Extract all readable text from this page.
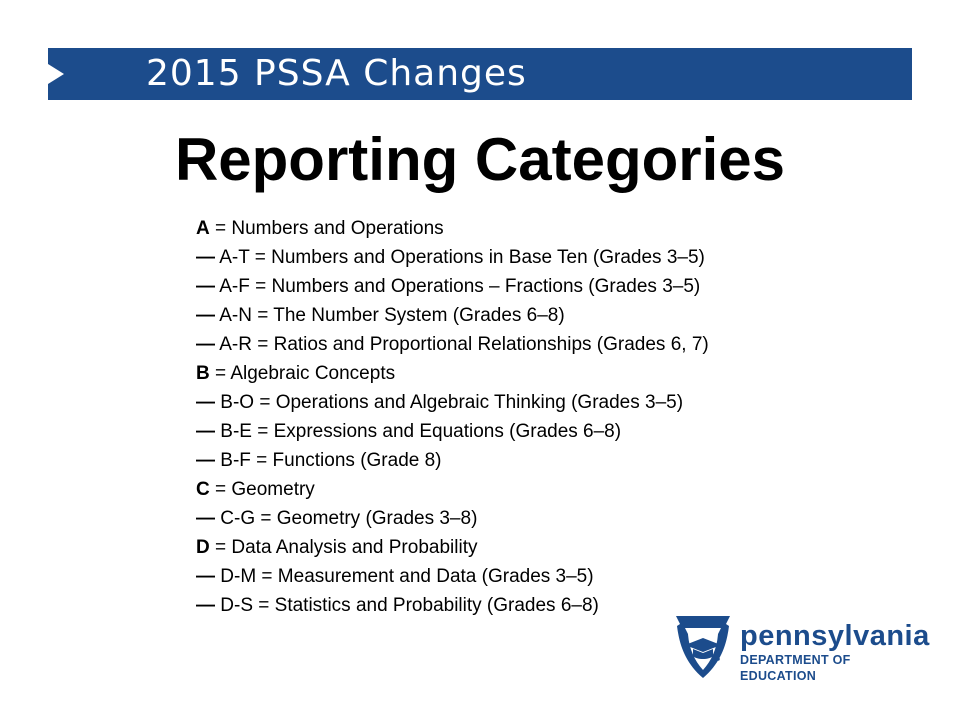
2015 PSSA Changes
Reporting Categories
A = Numbers and Operations
— A-T = Numbers and Operations in Base Ten (Grades 3–5)
— A-F = Numbers and Operations – Fractions (Grades 3–5)
— A-N = The Number System (Grades 6–8)
— A-R = Ratios and Proportional Relationships (Grades 6, 7)
B = Algebraic Concepts
— B-O = Operations and Algebraic Thinking (Grades 3–5)
— B-E = Expressions and Equations (Grades 6–8)
— B-F = Functions (Grade 8)
C = Geometry
— C-G = Geometry (Grades 3–8)
D = Data Analysis and Probability
— D-M = Measurement and Data (Grades 3–5)
— D-S = Statistics and Probability (Grades 6–8)
pennsylvania
DEPARTMENT OF EDUCATION
